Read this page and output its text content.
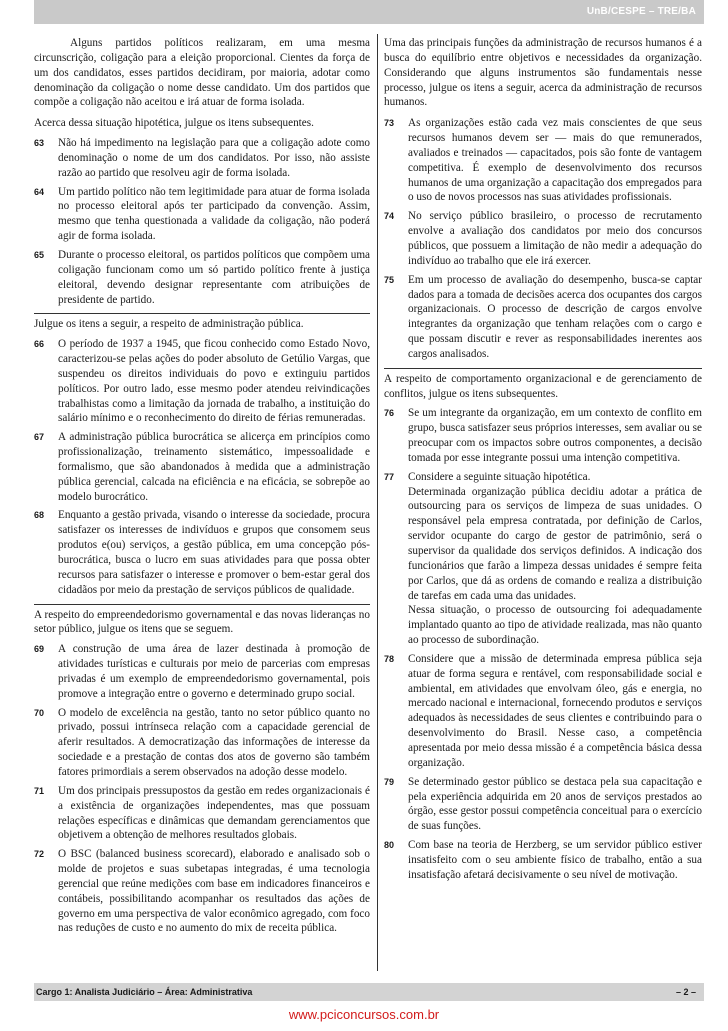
UnB/CESPE – TRE/BA

Alguns partidos políticos realizaram, em uma mesma circunscrição, coligação para a eleição proporcional. Cientes da força de um dos candidatos, esses partidos decidiram, por maioria, adotar como denominação da coligação o nome desse candidato. Um dos partidos que compõe a coligação não aceitou e irá atuar de forma isolada.

Acerca dessa situação hipotética, julgue os itens subsequentes.

63 Não há impedimento na legislação para que a coligação adote como denominação o nome de um dos candidatos. Por isso, não assiste razão ao partido que resolveu agir de forma isolada.

64 Um partido político não tem legitimidade para atuar de forma isolada no processo eleitoral após ter participado da convenção. Assim, mesmo que tenha questionada a validade da coligação, não poderá agir de forma isolada.

65 Durante o processo eleitoral, os partidos políticos que compõem uma coligação funcionam como um só partido político frente à justiça eleitoral, devendo designar representante com atribuições de presidente de partido.

Julgue os itens a seguir, a respeito de administração pública.

66 O período de 1937 a 1945, que ficou conhecido como Estado Novo, caracterizou-se pelas ações do poder absoluto de Getúlio Vargas, que suspendeu os direitos individuais do povo e extinguiu partidos políticos. Por outro lado, esse mesmo poder atendeu reivindicações trabalhistas como a limitação da jornada de trabalho, a instituição do salário mínimo e o reconhecimento do direito de férias remuneradas.

67 A administração pública burocrática se alicerça em princípios como profissionalização, treinamento sistemático, impessoalidade e formalismo, que são abandonados à medida que a administração pública gerencial, calcada na eficiência e na eficácia, se sobrepõe ao modelo burocrático.

68 Enquanto a gestão privada, visando o interesse da sociedade, procura satisfazer os interesses de indivíduos e grupos que consomem seus produtos e(ou) serviços, a gestão pública, em uma concepção pós-burocrática, busca o lucro em suas atividades para que possa obter recursos para satisfazer o interesse e promover o bem-estar geral dos cidadãos por meio da prestação de serviços públicos de qualidade.

A respeito do empreendedorismo governamental e das novas lideranças no setor público, julgue os itens que se seguem.

69 A construção de uma área de lazer destinada à promoção de atividades turísticas e culturais por meio de parcerias com empresas privadas é um exemplo de empreendedorismo governamental, pois promove a integração entre o governo e determinado grupo social.

70 O modelo de excelência na gestão, tanto no setor público quanto no privado, possui intrínseca relação com a capacidade gerencial de aferir resultados. A democratização das informações de interesse da sociedade e a prestação de contas dos atos de governo são também fatores primordiais a serem observados na adoção desse modelo.

71 Um dos principais pressupostos da gestão em redes organizacionais é a existência de organizações independentes, mas que possuam relações específicas e dinâmicas que demandam gerenciamentos que objetivem a obtenção de melhores resultados globais.

72 O BSC (balanced business scorecard), elaborado e analisado sob o molde de projetos e suas subetapas integradas, é uma tecnologia gerencial que reúne medições com base em indicadores financeiros e contábeis, possibilitando acompanhar os resultados das ações de governo em uma perspectiva de valor econômico agregado, com foco nas reduções de custo e no aumento do mix de receita pública.

Uma das principais funções da administração de recursos humanos é a busca do equilíbrio entre objetivos e necessidades da organização. Considerando que alguns instrumentos são fundamentais nesse processo, julgue os itens a seguir, acerca da administração de recursos humanos.

73 As organizações estão cada vez mais conscientes de que seus recursos humanos devem ser — mais do que remunerados, avaliados e treinados — capacitados, pois são fonte de vantagem competitiva. É exemplo de desenvolvimento dos recursos humanos de uma organização a capacitação dos empregados para o uso de novos processos nas suas atividades profissionais.

74 No serviço público brasileiro, o processo de recrutamento envolve a avaliação dos candidatos por meio dos concursos públicos, que possuem a limitação de não medir a adequação do indivíduo ao trabalho que ele irá exercer.

75 Em um processo de avaliação do desempenho, busca-se captar dados para a tomada de decisões acerca dos ocupantes dos cargos organizacionais. O processo de descrição de cargos envolve integrantes da organização que tenham relações com o cargo e que possam discutir e rever as responsabilidades inerentes aos cargos analisados.

A respeito de comportamento organizacional e de gerenciamento de conflitos, julgue os itens subsequentes.

76 Se um integrante da organização, em um contexto de conflito em grupo, busca satisfazer seus próprios interesses, sem avaliar ou se preocupar com os impactos sobre outros componentes, a decisão tomada por esse integrante possui uma intenção competitiva.

77 Considere a seguinte situação hipotética.

Determinada organização pública decidiu adotar a prática de outsourcing para os serviços de limpeza de suas unidades. O responsável pela empresa contratada, por definição de Carlos, servidor ocupante do cargo de gestor de patrimônio, será o supervisor da qualidade dos serviços definidos. A indicação dos funcionários que farão a limpeza dessas unidades é sempre feita por Carlos, que dá as ordens de comando e realiza a distribuição de tarefas em cada uma das unidades.

Nessa situação, o processo de outsourcing foi adequadamente implantado quanto ao tipo de atividade realizada, mas não quanto ao processo de subordinação.

78 Considere que a missão de determinada empresa pública seja atuar de forma segura e rentável, com responsabilidade social e ambiental, em atividades que envolvam óleo, gás e energia, no mercado nacional e internacional, fornecendo produtos e serviços adequados às necessidades de seus clientes e contribuindo para o desenvolvimento do Brasil. Nesse caso, a competência apresentada por meio dessa missão é a competência básica dessa organização.

79 Se determinado gestor público se destaca pela sua capacitação e pela experiência adquirida em 20 anos de serviços prestados ao órgão, esse gestor possui competência conceitual para o exercício de suas funções.

80 Com base na teoria de Herzberg, se um servidor público estiver insatisfeito com o seu ambiente físico de trabalho, então a sua insatisfação afetará decisivamente o seu nível de motivação.

Cargo 1: Analista Judiciário – Área: Administrativa	– 2 –
www.pciconcursos.com.br
